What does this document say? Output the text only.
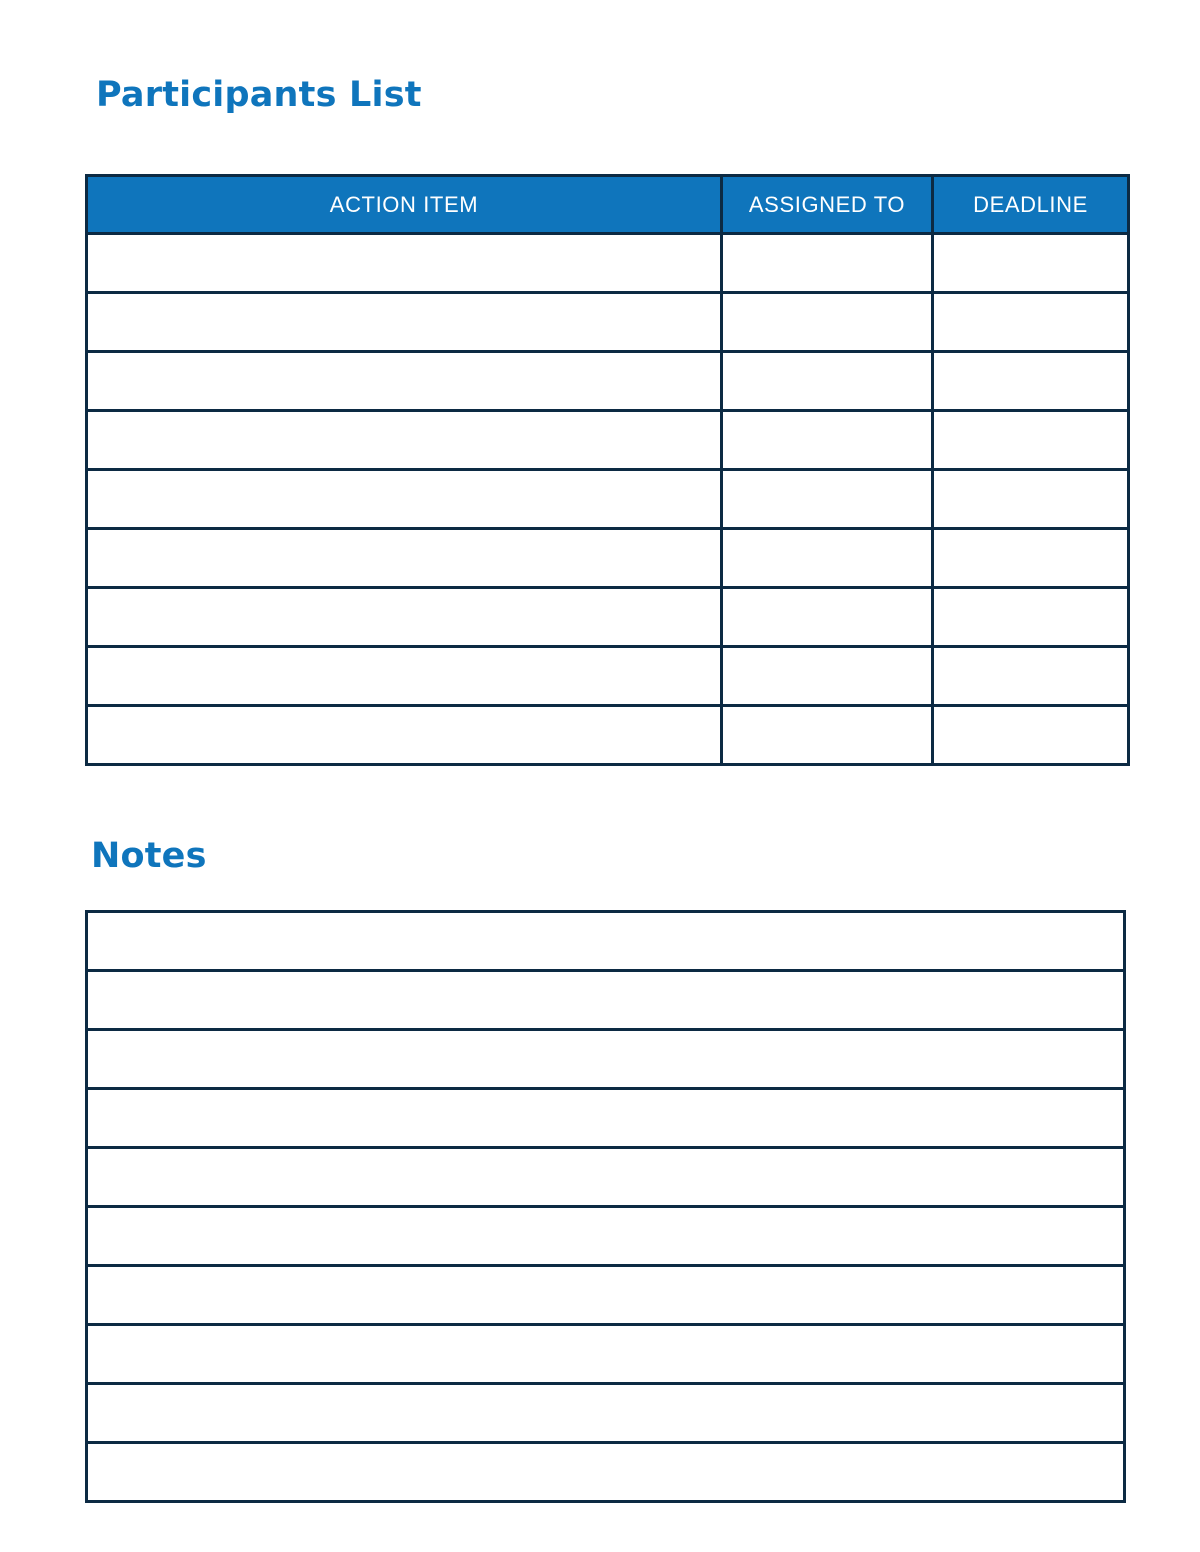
Participants List
ACTION ITEM	ASSIGNED TO	DEADLINE

Notes
